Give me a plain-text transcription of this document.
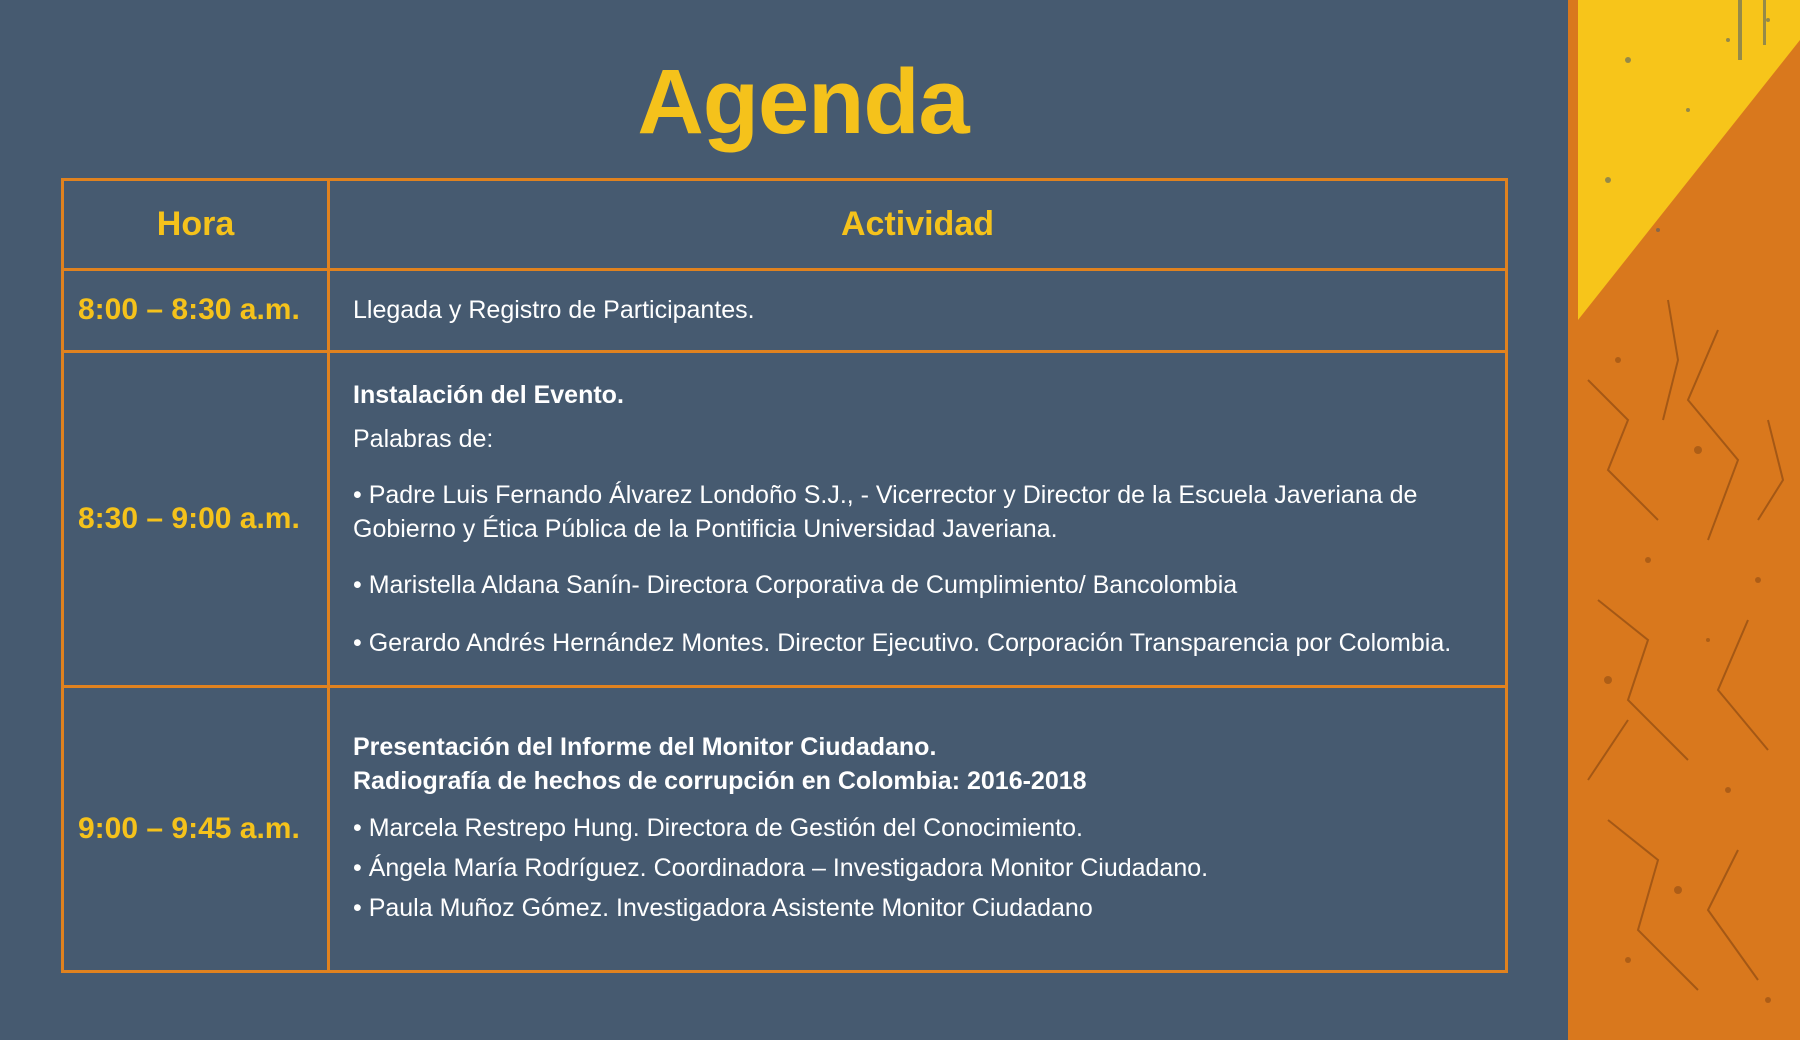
Agenda
Hora	Actividad
8:00 – 8:30 a.m.	Llegada y Registro de Participantes.

8:30 – 9:00 a.m.	Instalación del Evento.

Palabras de:

• Padre Luis Fernando Álvarez Londoño S.J., - Vicerrector y Director de la Escuela Javeriana de Gobierno y Ética Pública de la Pontificia Universidad Javeriana.

• Maristella Aldana Sanín- Directora Corporativa de Cumplimiento/ Bancolombia

• Gerardo Andrés Hernández Montes. Director Ejecutivo. Corporación Transparencia por Colombia.

9:00 – 9:45 a.m.	Presentación del Informe del Monitor Ciudadano.

Radiografía de hechos de corrupción en Colombia: 2016-2018

• Marcela Restrepo Hung. Directora de Gestión del Conocimiento.

• Ángela María Rodríguez. Coordinadora – Investigadora Monitor Ciudadano.

• Paula Muñoz Gómez. Investigadora Asistente Monitor Ciudadano
